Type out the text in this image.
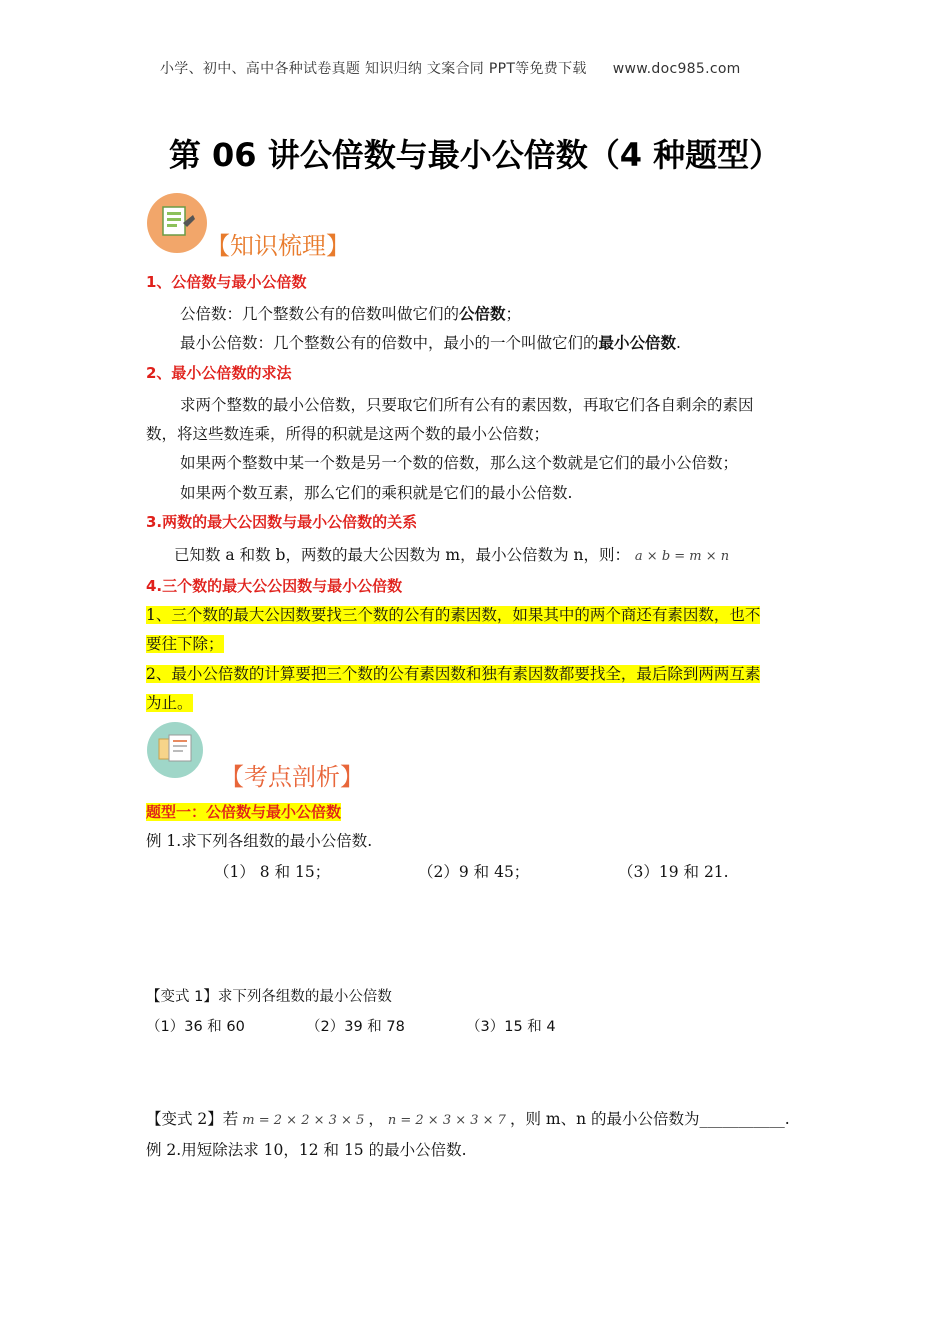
小学、初中、高中各种试卷真题 知识归纳 文案合同 PPT等免费下载 www.doc985.com
第 06 讲公倍数与最小公倍数（4 种题型）
【知识梳理】
1、公倍数与最小公倍数
公倍数：几个整数公有的倍数叫做它们的公倍数；
最小公倍数：几个整数公有的倍数中，最小的一个叫做它们的最小公倍数.
2、最小公倍数的求法
求两个整数的最小公倍数，只要取它们所有公有的素因数，再取它们各自剩余的素因
数，将这些数连乘，所得的积就是这两个数的最小公倍数；
如果两个整数中某一个数是另一个数的倍数，那么这个数就是它们的最小公倍数；
如果两个数互素，那么它们的乘积就是它们的最小公倍数.
3.两数的最大公因数与最小公倍数的关系
已知数 a 和数 b，两数的最大公因数为 m，最小公倍数为 n，则： a × b = m × n
4.三个数的最大公公因数与最小公倍数
1、三个数的最大公因数要找三个数的公有的素因数，如果其中的两个商还有素因数，也不
要往下除；
2、最小公倍数的计算要把三个数的公有素因数和独有素因数都要找全，最后除到两两互素
为止。
【考点剖析】
题型一：公倍数与最小公倍数
例 1.求下列各组数的最小公倍数.
（1） 8 和 15；	（2）9 和 45；	（3）19 和 21.
【变式 1】求下列各组数的最小公倍数
（1）36 和 60	（2）39 和 78	（3）15 和 4
【变式 2】若 m = 2 × 2 × 3 × 5 ， n = 2 × 3 × 3 × 7 ，则 m、n 的最小公倍数为___________.
例 2.用短除法求 10，12 和 15 的最小公倍数.
